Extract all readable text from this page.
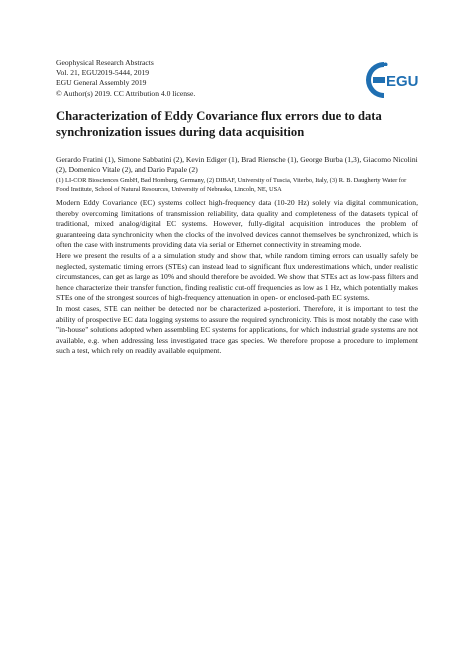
Geophysical Research Abstracts
Vol. 21, EGU2019-5444, 2019
EGU General Assembly 2019
© Author(s) 2019. CC Attribution 4.0 license.
EGU
Characterization of Eddy Covariance flux errors due to data synchronization issues during data acquisition

Gerardo Fratini (1), Simone Sabbatini (2), Kevin Ediger (1), Brad Riensche (1), George Burba (1,3), Giacomo Nicolini (2), Domenico Vitale (2), and Dario Papale (2)

(1) LI-COR Biosciences GmbH, Bad Homburg, Germany, (2) DIBAF, University of Tuscia, Viterbo, Italy, (3) R. B. Daugherty Water for Food Institute, School of Natural Resources, University of Nebraska, Lincoln, NE, USA

Modern Eddy Covariance (EC) systems collect high-frequency data (10-20 Hz) solely via digital communication, thereby overcoming limitations of transmission reliability, data quality and completeness of the datasets typical of traditional, mixed analog/digital EC systems. However, fully-digital acquisition introduces the problem of guaranteeing data synchronicity when the clocks of the involved devices cannot themselves be synchronized, which is often the case with instruments providing data via serial or Ethernet connectivity in streaming mode.

Here we present the results of a a simulation study and show that, while random timing errors can usually safely be neglected, systematic timing errors (STEs) can instead lead to significant flux underestimations which, under realistic circumstances, can get as large as 10% and should therefore be avoided. We show that STEs act as low-pass filters and hence characterize their transfer function, finding realistic cut-off frequencies as low as 1 Hz, which potentially makes STEs one of the strongest sources of high-frequency attenuation in open- or enclosed-path EC systems.

In most cases, STE can neither be detected nor be characterized a-posteriori. Therefore, it is important to test the ability of prospective EC data logging systems to assure the required synchronicity. This is most notably the case with "in-house" solutions adopted when assembling EC systems for applications, for which industrial grade systems are not available, e.g. when addressing less investigated trace gas species. We therefore propose a procedure to implement such a test, which rely on readily available equipment.
